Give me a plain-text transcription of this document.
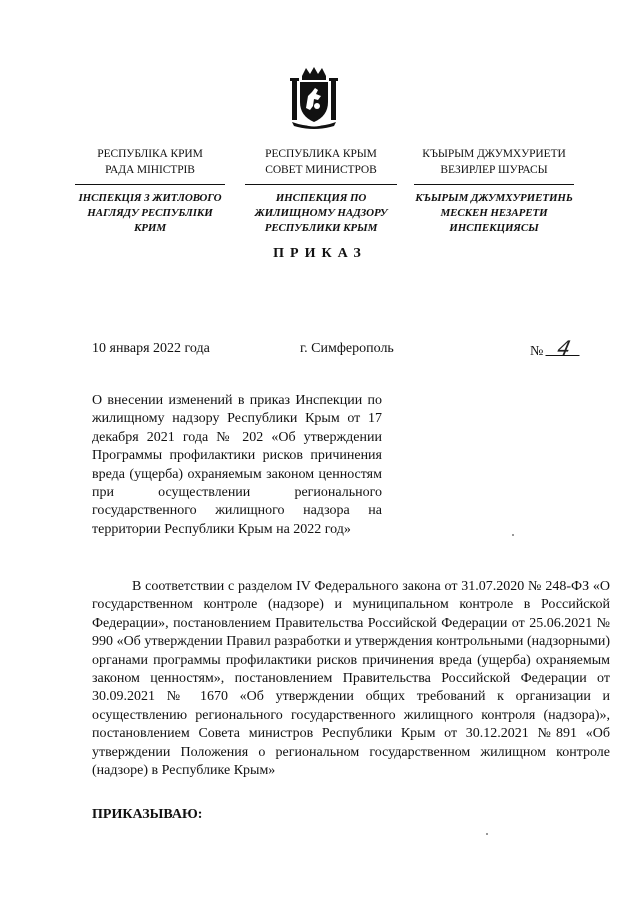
РЕСПУБЛІКА КРИМ
РАДА МІНІСТРІВ
ІНСПЕКЦІЯ З ЖИТЛОВОГО
НАГЛЯДУ РЕСПУБЛІКИ
КРИМ
РЕСПУБЛИКА КРЫМ
СОВЕТ МИНИСТРОВ
ИНСПЕКЦИЯ ПО
ЖИЛИЩНОМУ НАДЗОРУ
РЕСПУБЛИКИ КРЫМ
КЪЫРЫМ ДЖУМХУРИЕТИ
ВЕЗИРЛЕР ШУРАСЫ
КЪЫРЫМ ДЖУМХУРИЕТИНЬ
МЕСКЕН НЕЗАРЕТИ
ИНСПЕКЦИЯСЫ
ПРИКАЗ
10 января 2022 года	г. Симферополь	№ 4
О внесении изменений в приказ Инспекции по жилищному надзору Республики Крым от 17 декабря 2021 года № 202 «Об утверждении Программы профилактики рисков причинения вреда (ущерба) охраняемым законом ценностям при осуществлении регионального государственного жилищного надзора на территории Республики Крым на 2022 год»
В соответствии с разделом IV Федерального закона от 31.07.2020 № 248-ФЗ «О государственном контроле (надзоре) и муниципальном контроле в Российской Федерации», постановлением Правительства Российской Федерации от 25.06.2021 № 990 «Об утверждении Правил разработки и утверждения контрольными (надзорными) органами программы профилактики рисков причинения вреда (ущерба) охраняемым законом ценностям», постановлением Правительства Российской Федерации от 30.09.2021 № 1670 «Об утверждении общих требований к организации и осуществлению регионального государственного жилищного контроля (надзора)», постановлением Совета министров Республики Крым от 30.12.2021 №891 «Об утверждении Положения о региональном государственном жилищном контроле (надзоре) в Республике Крым»
ПРИКАЗЫВАЮ:
